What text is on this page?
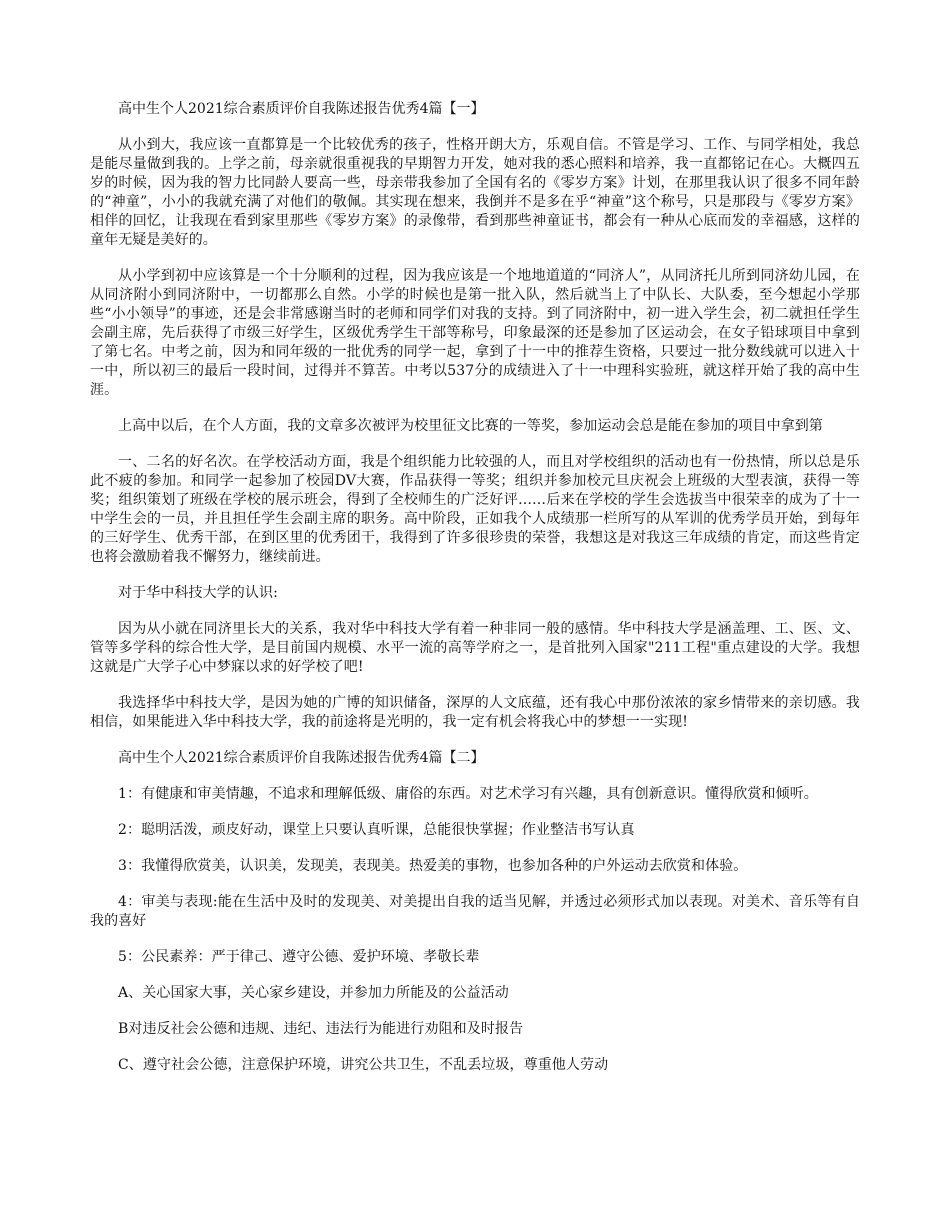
高中生个人2021综合素质评价自我陈述报告优秀4篇【一】

从小到大，我应该一直都算是一个比较优秀的孩子，性格开朗大方，乐观自信。不管是学习、工作、与同学相处，我总是能尽量做到我的。上学之前，母亲就很重视我的早期智力开发，她对我的悉心照料和培养，我一直都铭记在心。大概四五岁的时候，因为我的智力比同龄人要高一些，母亲带我参加了全国有名的《零岁方案》计划，在那里我认识了很多不同年龄的“神童”，小小的我就充满了对他们的敬佩。其实现在想来，我倒并不是多在乎“神童”这个称号，只是那段与《零岁方案》相伴的回忆，让我现在看到家里那些《零岁方案》的录像带，看到那些神童证书，都会有一种从心底而发的幸福感，这样的童年无疑是美好的。

从小学到初中应该算是一个十分顺利的过程，因为我应该是一个地地道道的“同济人”，从同济托儿所到同济幼儿园，在从同济附小到同济附中，一切都那么自然。小学的时候也是第一批入队，然后就当上了中队长、大队委，至今想起小学那些“小小领导”的事迹，还是会非常感谢当时的老师和同学们对我的支持。到了同济附中，初一进入学生会，初二就担任学生会副主席，先后获得了市级三好学生，区级优秀学生干部等称号，印象最深的还是参加了区运动会，在女子铅球项目中拿到了第七名。中考之前，因为和同年级的一批优秀的同学一起，拿到了十一中的推荐生资格，只要过一批分数线就可以进入十一中，所以初三的最后一段时间，过得并不算苦。中考以537分的成绩进入了十一中理科实验班，就这样开始了我的高中生涯。

上高中以后，在个人方面，我的文章多次被评为校里征文比赛的一等奖，参加运动会总是能在参加的项目中拿到第

一、二名的好名次。在学校活动方面，我是个组织能力比较强的人，而且对学校组织的活动也有一份热情，所以总是乐此不疲的参加。和同学一起参加了校园DV大赛，作品获得一等奖；组织并参加校元旦庆祝会上班级的大型表演，获得一等奖；组织策划了班级在学校的展示班会，得到了全校师生的广泛好评……后来在学校的学生会选拔当中很荣幸的成为了十一中学生会的一员，并且担任学生会副主席的职务。高中阶段，正如我个人成绩那一栏所写的从军训的优秀学员开始，到每年的三好学生、优秀干部，在到区里的优秀团干，我得到了许多很珍贵的荣誉，我想这是对我这三年成绩的肯定，而这些肯定也将会激励着我不懈努力，继续前进。

对于华中科技大学的认识:

因为从小就在同济里长大的关系，我对华中科技大学有着一种非同一般的感情。华中科技大学是涵盖理、工、医、文、管等多学科的综合性大学，是目前国内规模、水平一流的高等学府之一，是首批列入国家"211工程"重点建设的大学。我想这就是广大学子心中梦寐以求的好学校了吧!

我选择华中科技大学，是因为她的广博的知识储备，深厚的人文底蕴，还有我心中那份浓浓的家乡情带来的亲切感。我相信，如果能进入华中科技大学，我的前途将是光明的，我一定有机会将我心中的梦想一一实现!

高中生个人2021综合素质评价自我陈述报告优秀4篇【二】

1：有健康和审美情趣，不追求和理解低级、庸俗的东西。对艺术学习有兴趣，具有创新意识。懂得欣赏和倾听。

2：聪明活泼，顽皮好动，课堂上只要认真听课，总能很快掌握；作业整洁书写认真

3：我懂得欣赏美，认识美，发现美，表现美。热爱美的事物，也参加各种的户外运动去欣赏和体验。

4：审美与表现:能在生活中及时的发现美、对美提出自我的适当见解，并透过必须形式加以表现。对美术、音乐等有自我的喜好

5：公民素养：严于律己、遵守公德、爱护环境、孝敬长辈

A、关心国家大事，关心家乡建设，并参加力所能及的公益活动

B对违反社会公德和违规、违纪、违法行为能进行劝阻和及时报告

C、遵守社会公德，注意保护环境，讲究公共卫生，不乱丢垃圾，尊重他人劳动
